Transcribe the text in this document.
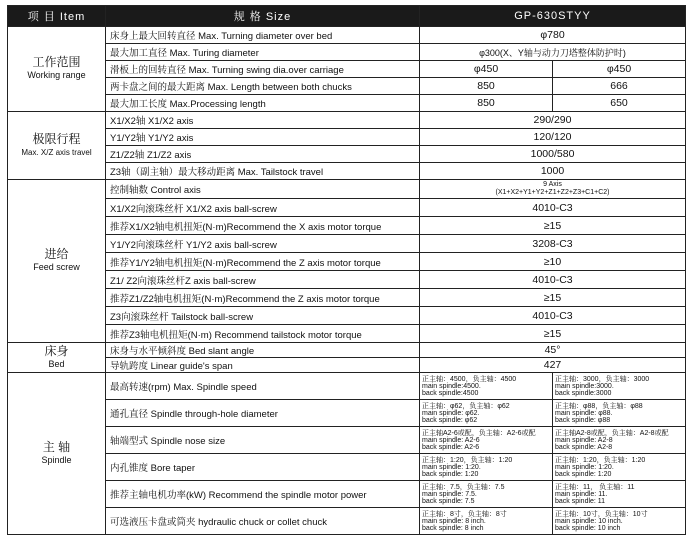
项 目 Item	规 格 Size	GP-630STYY	

工作范围
Working range	床身上最大回转直径 Max. Turning diameter over bed	φ780	
	最大加工直径 Max. Turing diameter	φ300(X、Y轴与动力刀塔整体防护时)	
	滑板上的回转直径 Max. Turning swing dia.over carriage	φ450	φ450
	两卡盘之间的最大距离 Max. Length between both chucks	850	666
	最大加工长度 Max.Processing length	850	650

极限行程
Max. X/Z axis travel	X1/X2轴 X1/X2 axis	290/290	
	Y1/Y2轴 Y1/Y2 axis	120/120	
	Z1/Z2轴 Z1/Z2 axis	1000/580	
	Z3轴（副主轴）最大移动距离 Max. Tailstock travel	1000	

进给
Feed screw	控制轴数 Control axis	9 Axis
(X1+X2+Y1+Y2+Z1+Z2+Z3+C1+C2)	

	X1/X2向滚珠丝杆 X1/X2 axis ball-screw	4010-C3	
	推荐X1/X2轴电机扭矩(N·m)Recommend the X axis motor torque	≥15	
	Y1/Y2向滚珠丝杆 Y1/Y2 axis ball-screw	3208-C3	
	推荐Y1/Y2轴电机扭矩(N·m)Recommend the Z axis motor torque	≥10	
	Z1/ Z2向滚珠丝杆Z axis ball-screw	4010-C3	
	推荐Z1/Z2轴电机扭矩(N·m)Recommend the Z axis motor torque	≥15	
	Z3向滚珠丝杆 Tailstock ball-screw	4010-C3	
	推荐Z3轴电机扭矩(N·m) Recommend tailstock motor torque	≥15	

床身
Bed	床身与水平倾斜度 Bed slant angle	45°	
	导轨跨度 Linear guide's span	427	

主 轴
Spindle	最高转速(rpm) Max. Spindle speed	正主轴：4500，负主轴：4500
main spindle:4500.
back spindle:4500	正主轴：3000，负主轴：3000
main spindle:3000.
back spindle:3000

	通孔直径 Spindle through-hole diameter	正主轴：φ62，负主轴：φ62
main spindle: φ62.
back spindle: φ62	正主轴：φ88，负主轴：φ88
main spindle: φ88.
back spindle: φ88

	轴端型式 Spindle nose size	正主轴A2-6或配，负主轴：A2-6或配
main spindle: A2-6
back spindle: A2-6	正主轴A2-8或配，负主轴：A2-8或配
main spindle: A2-8
back spindle: A2-8

	内孔锥度 Bore taper	正主轴：1:20，负主轴：1:20
main spindle: 1:20.
back spindle: 1:20	正主轴：1:20，负主轴：1:20
main spindle: 1:20.
back spindle: 1:20

	推荐主轴电机功率(kW) Recommend the spindle motor power	正主轴：7.5，负主轴：7.5
main spindle: 7.5.
back spindle: 7.5	正主轴：11， 负主轴：11
main spindle: 11.
back spindle: 11

	可选液压卡盘或筒夹 hydraulic chuck or collet chuck	正主轴：8寸，负主轴：8寸
main spindle: 8 inch.
back spindle: 8 inch	正主轴：10寸，负主轴：10寸
main spindle: 10 inch.
back spindle: 10 inch
